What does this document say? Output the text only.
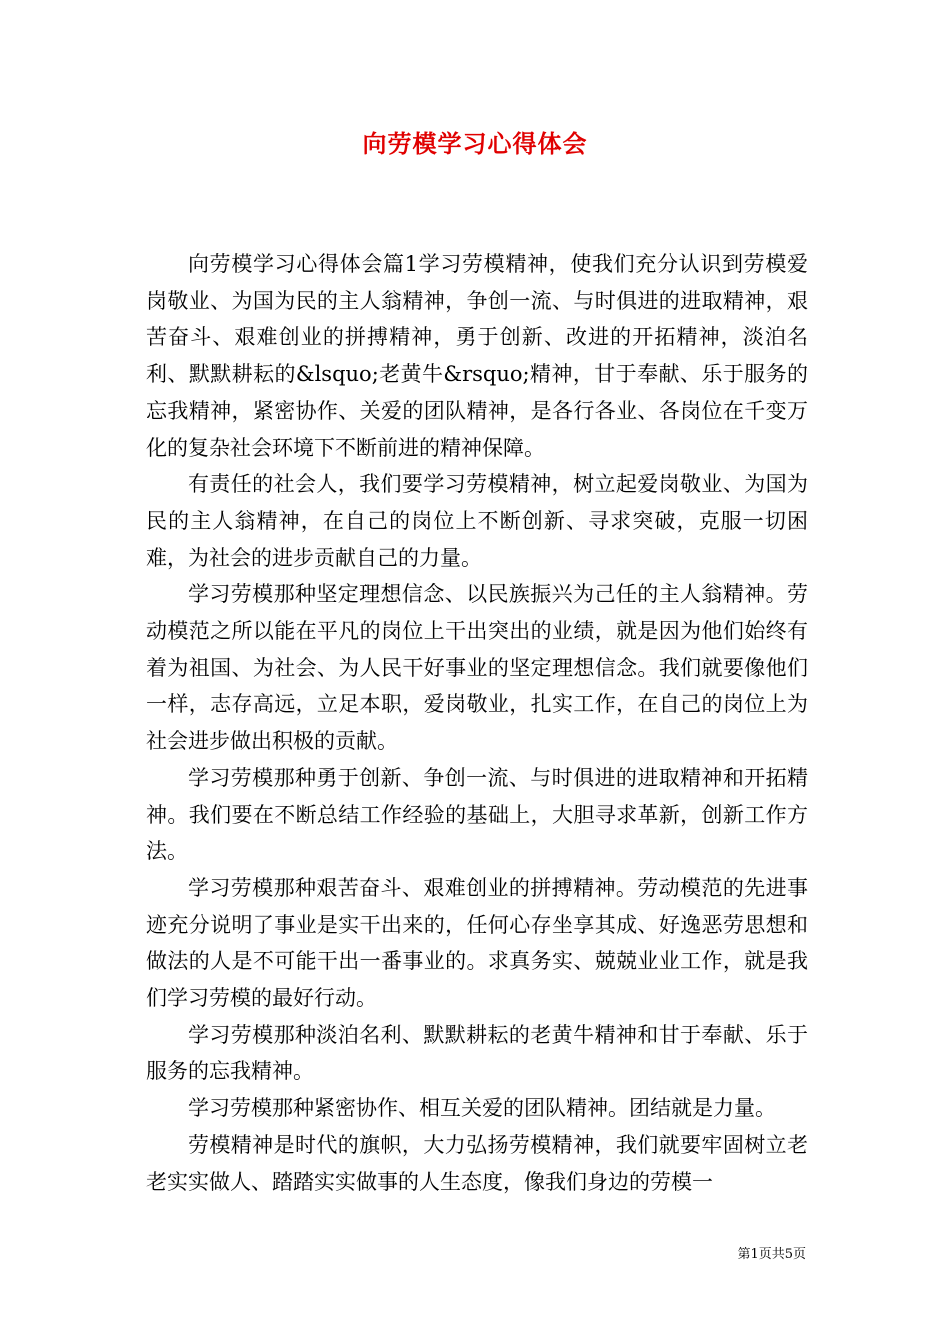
向劳模学习心得体会

向劳模学习心得体会篇1学习劳模精神，使我们充分认识到劳模爱岗敬业、为国为民的主人翁精神，争创一流、与时俱进的进取精神，艰苦奋斗、艰难创业的拼搏精神，勇于创新、改进的开拓精神，淡泊名利、默默耕耘的&lsquo;老黄牛&rsquo;精神，甘于奉献、乐于服务的忘我精神，紧密协作、关爱的团队精神，是各行各业、各岗位在千变万化的复杂社会环境下不断前进的精神保障。

有责任的社会人，我们要学习劳模精神，树立起爱岗敬业、为国为民的主人翁精神，在自己的岗位上不断创新、寻求突破，克服一切困难，为社会的进步贡献自己的力量。

学习劳模那种坚定理想信念、以民族振兴为己任的主人翁精神。劳动模范之所以能在平凡的岗位上干出突出的业绩，就是因为他们始终有着为祖国、为社会、为人民干好事业的坚定理想信念。我们就要像他们一样，志存高远，立足本职，爱岗敬业，扎实工作，在自己的岗位上为社会进步做出积极的贡献。

学习劳模那种勇于创新、争创一流、与时俱进的进取精神和开拓精神。我们要在不断总结工作经验的基础上，大胆寻求革新，创新工作方法。

学习劳模那种艰苦奋斗、艰难创业的拼搏精神。劳动模范的先进事迹充分说明了事业是实干出来的，任何心存坐享其成、好逸恶劳思想和做法的人是不可能干出一番事业的。求真务实、兢兢业业工作，就是我们学习劳模的最好行动。

学习劳模那种淡泊名利、默默耕耘的老黄牛精神和甘于奉献、乐于服务的忘我精神。

学习劳模那种紧密协作、相互关爱的团队精神。团结就是力量。

劳模精神是时代的旗帜，大力弘扬劳模精神，我们就要牢固树立老老实实做人、踏踏实实做事的人生态度，像我们身边的劳模一

第1页共5页
